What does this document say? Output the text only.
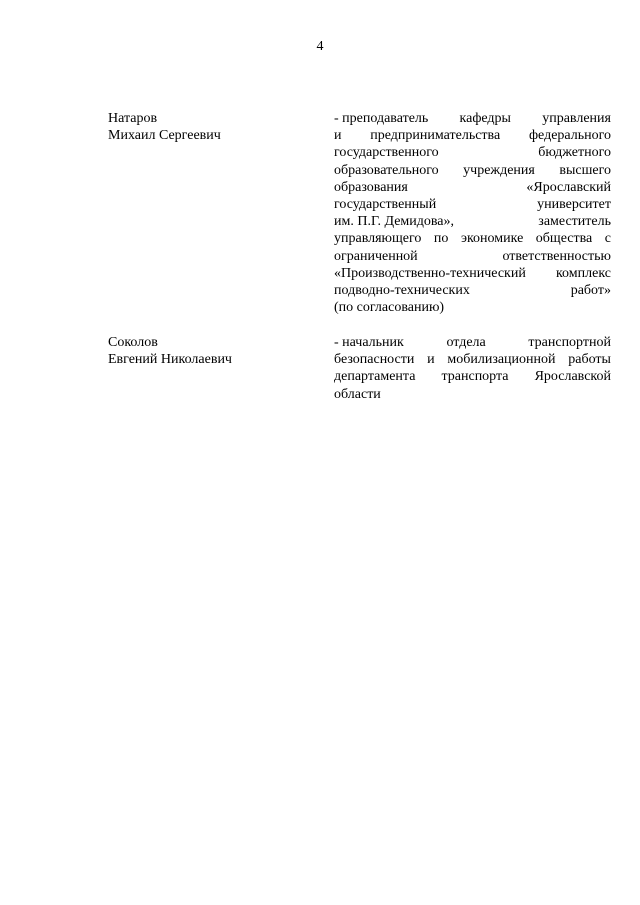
4
Натаров
Михаил Сергеевич
- преподаватель кафедры управления
и предпринимательства федерального
государственного	бюджетного
образовательного учреждения высшего
образования	«Ярославский
государственный	университет
им. П.Г. Демидова»,	заместитель
управляющего по экономике общества с
ограниченной	ответственностью
«Производственно-технический комплекс
подводно-технических	работ»
(по согласованию)
Соколов
Евгений Николаевич
- начальник	отдела	транспортной
безопасности и мобилизационной работы
департамента транспорта Ярославской
области
